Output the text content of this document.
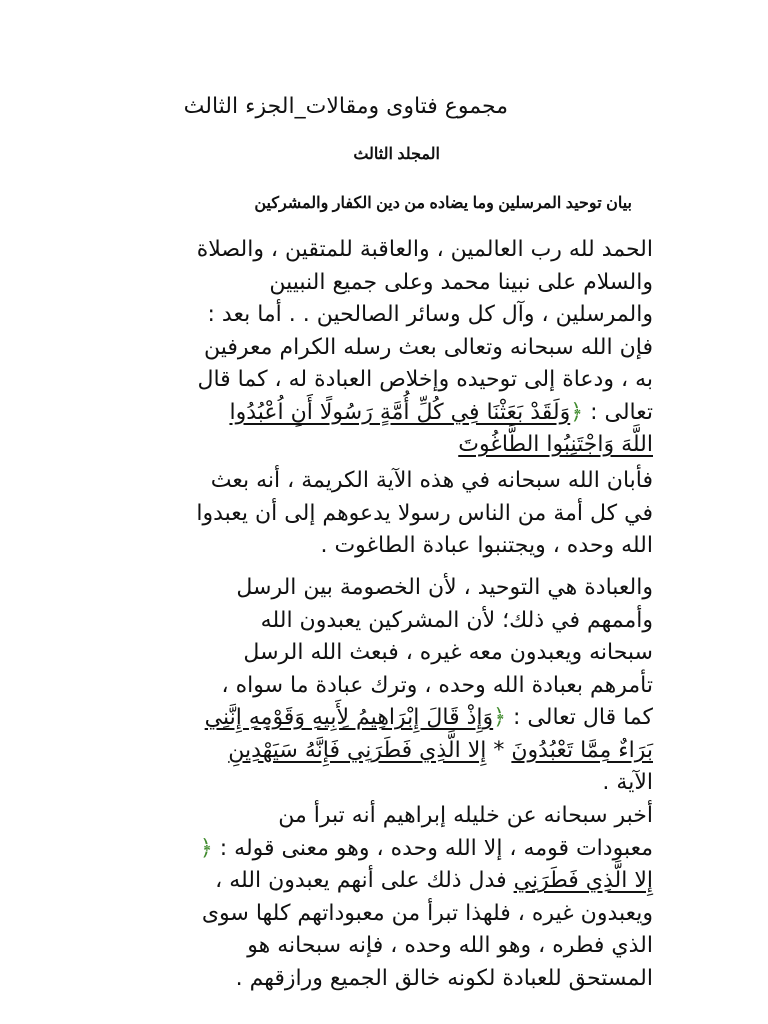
مجموع فتاوى ومقالات_الجزء الثالث
المجلد الثالث
بيان توحيد المرسلين وما يضاده من دين الكفار والمشركين
الحمد لله رب العالمين ، والعاقبة للمتقين ، والصلاة
والسلام على نبينا محمد وعلى جميع النبيين
والمرسلين ، وآل كل وسائر الصالحين . . أما بعد :
فإن الله سبحانه وتعالى بعث رسله الكرام معرفين
به ، ودعاة إلى توحيده وإخلاص العبادة له ، كما قال
تعالى : ﴿وَلَقَدْ بَعَثْنَا فِي كُلِّ أُمَّةٍ رَسُولًا أَنِ اُعْبُدُوا
اللَّهَ وَاجْتَنِبُوا الطَّاغُوتَ
فأبان الله سبحانه في هذه الآية الكريمة ، أنه بعث
في كل أمة من الناس رسولا يدعوهم إلى أن يعبدوا
الله وحده ، ويجتنبوا عبادة الطاغوت .
والعبادة هي التوحيد ، لأن الخصومة بين الرسل
وأممهم في ذلك؛ لأن المشركين يعبدون الله
سبحانه ويعبدون معه غيره ، فبعث الله الرسل
تأمرهم بعبادة الله وحده ، وترك عبادة ما سواه ،
كما قال تعالى : ﴿وَإِذْ قَالَ إِبْرَاهِيمُ لِأَبِيهِ وَقَوْمِهِ إِنَّنِي
بَرَاءٌ مِمَّا تَعْبُدُونَ * إِلا الَّذِي فَطَرَنِي فَإِنَّهُ سَيَهْدِينِ
الآية .
أخبر سبحانه عن خليله إبراهيم أنه تبرأ من
معبودات قومه ، إلا الله وحده ، وهو معنى قوله : ﴿
إِلا الَّذِي فَطَرَنِي فدل ذلك على أنهم يعبدون الله ،
ويعبدون غيره ، فلهذا تبرأ من معبوداتهم كلها سوى
الذي فطره ، وهو الله وحده ، فإنه سبحانه هو
المستحق للعبادة لكونه خالق الجميع ورازقهم .
